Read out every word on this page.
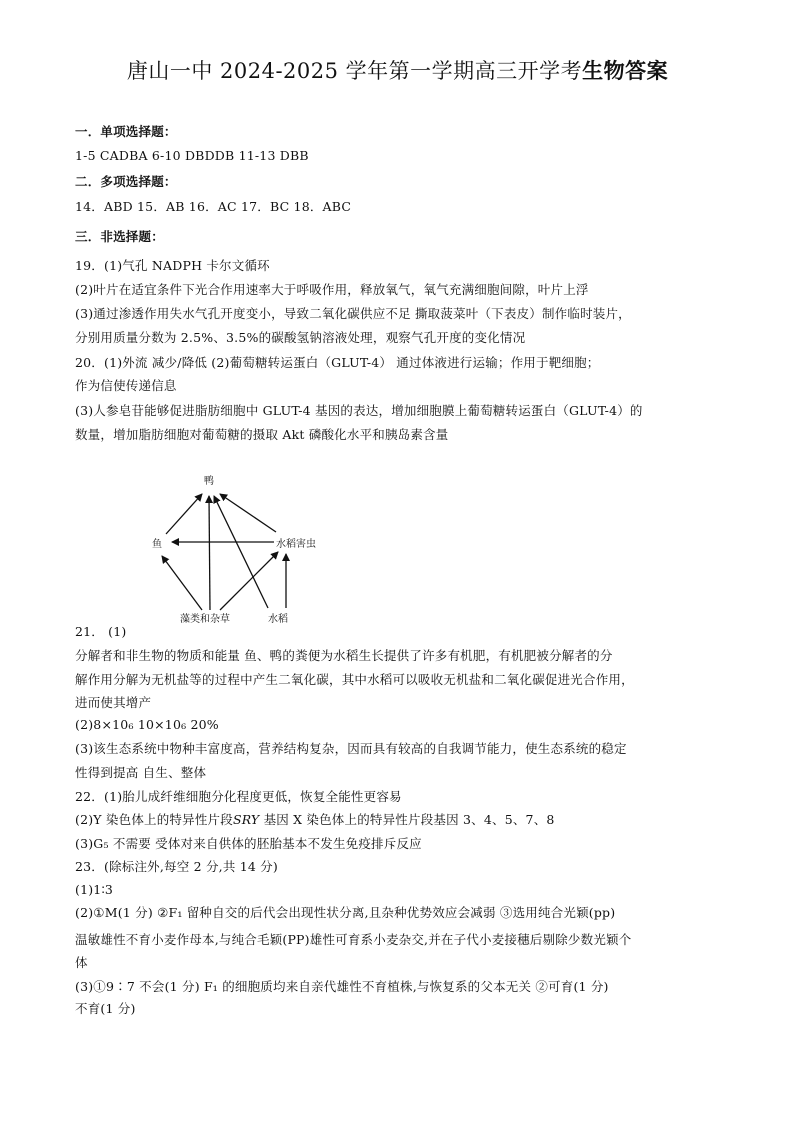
唐山一中 2024-2025 学年第一学期高三开学考生物答案
一．单项选择题：
1-5 CADBA 6-10 DBDDB 11-13 DBB
二．多项选择题：
14．ABD 15．AB 16．AC 17．BC 18．ABC
三．非选择题：
19．(1)气孔 NADPH 卡尔文循环
(2)叶片在适宜条件下光合作用速率大于呼吸作用，释放氧气，氧气充满细胞间隙，叶片上浮
(3)通过渗透作用失水气孔开度变小，导致二氧化碳供应不足 撕取菠菜叶（下表皮）制作临时装片，
分别用质量分数为 2.5%、3.5%的碳酸氢钠溶液处理，观察气孔开度的变化情况
20．(1)外流 减少/降低 (2)葡萄糖转运蛋白（GLUT-4） 通过体液进行运输；作用于靶细胞；
作为信使传递信息
(3)人参皂苷能够促进脂肪细胞中 GLUT-4 基因的表达，增加细胞膜上葡萄糖转运蛋白（GLUT-4）的
数量，增加脂肪细胞对葡萄糖的摄取 Akt 磷酸化水平和胰岛素含量
鸭
鱼	水稻害虫
藻类和杂草	水稻
21． (1)
分解者和非生物的物质和能量 鱼、鸭的粪便为水稻生长提供了许多有机肥，有机肥被分解者的分
解作用分解为无机盐等的过程中产生二氧化碳，其中水稻可以吸收无机盐和二氧化碳促进光合作用，
进而使其增产
(2)8×10₆ 10×10₆ 20%
(3)该生态系统中物种丰富度高，营养结构复杂，因而具有较高的自我调节能力，使生态系统的稳定
性得到提高 自生、整体
22．(1)胎儿成纤维细胞分化程度更低，恢复全能性更容易
(2)Y 染色体上的特异性片段SRY 基因 X 染色体上的特异性片段基因 3、4、5、7、8
(3)G₅ 不需要 受体对来自供体的胚胎基本不发生免疫排斥反应
23．(除标注外,每空 2 分,共 14 分)
(1)1∶3
(2)①M(1 分) ②F₁ 留种自交的后代会出现性状分离,且杂种优势效应会减弱 ③选用纯合光颖(pp)
温敏雄性不育小麦作母本,与纯合毛颖(PP)雄性可育系小麦杂交,并在子代小麦接穗后剔除少数光颖个
体
(3)①9∶7 不会(1 分) F₁ 的细胞质均来自亲代雄性不育植株,与恢复系的父本无关 ②可育(1 分)
不育(1 分)
